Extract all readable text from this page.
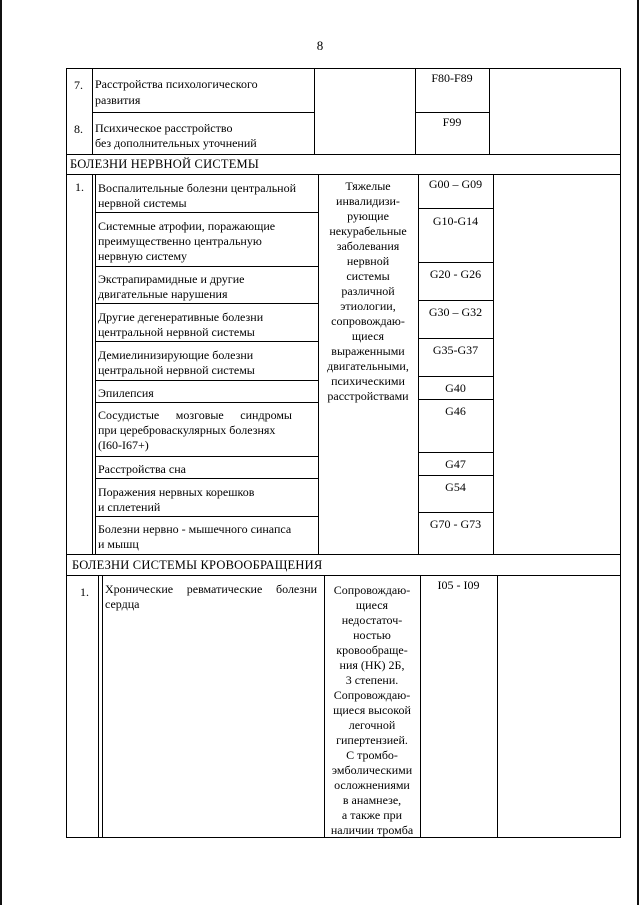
8
7. Расстройства психологического
развития
F80-F89
8. Психическое расстройство
без дополнительных уточнений
F99
БОЛЕЗНИ НЕРВНОЙ СИСТЕМЫ
1. Воспалительные болезни центральной
нервной системы
G00 – G09
Системные атрофии, поражающие
преимущественно центральную
нервную систему
G10-G14
Экстрапирамидные и другие
двигательные нарушения
G20 - G26
Другие дегенеративные болезни
центральной нервной системы
G30 – G32
Демиелинизирующие болезни
центральной нервной системы
G35-G37
Эпилепсия	G40
Сосудистые мозговые синдромы
при цереброваскулярных болезнях
(I60-I67+)
G46
Расстройства сна	G47
Поражения нервных корешков
и сплетений
G54
Болезни нервно - мышечного синапса
и мышц
G70 - G73
Тяжелые
инвалидизи-
рующие
некурабельные
заболевания
нервной
системы
различной
этиологии,
сопровождаю-
щиеся
выраженными
двигательными,
психическими
расстройствами
БОЛЕЗНИ СИСТЕМЫ КРОВООБРАЩЕНИЯ
1. Хронические ревматические болезни
сердца
I05 - I09
Сопровождаю-
щиеся
недостаточ-
ностью
кровообраще-
ния (НК) 2Б,
3 степени.
Сопровождаю-
щиеся высокой
легочной
гипертензией.
С тромбо-
эмболическими
осложнениями
в анамнезе,
а также при
наличии тромба
